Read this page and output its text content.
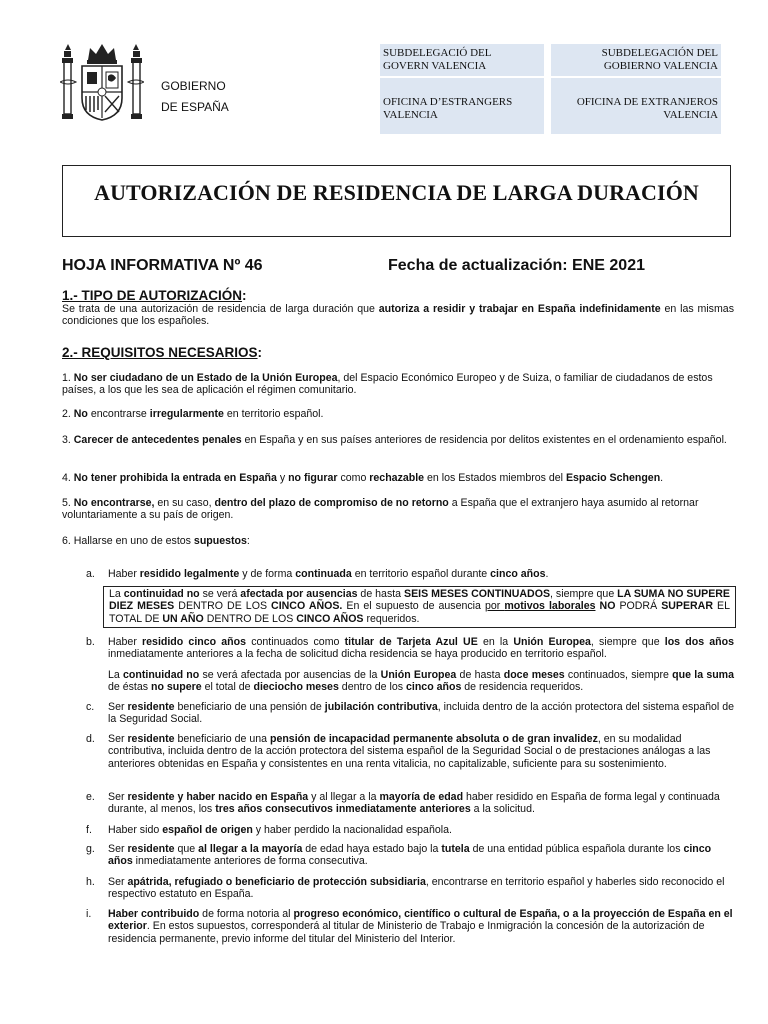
GOBIERNO
DE ESPAÑA
SUBDELEGACIÓ DEL
GOVERN VALENCIA
SUBDELEGACIÓN DEL
GOBIERNO VALENCIA
OFICINA D’ESTRANGERS
VALENCIA
OFICINA DE EXTRANJEROS
VALENCIA
AUTORIZACIÓN DE RESIDENCIA DE LARGA DURACIÓN
HOJA INFORMATIVA Nº 46	Fecha de actualización: ENE 2021
1.- TIPO DE AUTORIZACIÓN:
Se trata de una autorización de residencia de larga duración que autoriza a residir y trabajar en España indefinidamente en las mismas condiciones que los españoles.
2.- REQUISITOS NECESARIOS:
1. No ser ciudadano de un Estado de la Unión Europea, del Espacio Económico Europeo y de Suiza, o familiar de ciudadanos de estos países, a los que les sea de aplicación el régimen comunitario.
2. No encontrarse irregularmente en territorio español.
3. Carecer de antecedentes penales en España y en sus países anteriores de residencia por delitos existentes en el ordenamiento español.
4. No tener prohibida la entrada en España y no figurar como rechazable en los Estados miembros del Espacio Schengen.
5. No encontrarse, en su caso, dentro del plazo de compromiso de no retorno a España que el extranjero haya asumido al retornar voluntariamente a su país de origen.
6. Hallarse en uno de estos supuestos:
a. Haber residido legalmente y de forma continuada en territorio español durante cinco años.
La continuidad no se verá afectada por ausencias de hasta SEIS MESES CONTINUADOS, siempre que LA SUMA NO SUPERE DIEZ MESES DENTRO DE LOS CINCO AÑOS. En el supuesto de ausencia por motivos laborales NO PODRÁ SUPERAR EL TOTAL DE UN AÑO DENTRO DE LOS CINCO AÑOS requeridos.
b. Haber residido cinco años continuados como titular de Tarjeta Azul UE en la Unión Europea, siempre que los dos años inmediatamente anteriores a la fecha de solicitud dicha residencia se haya producido en territorio español.
La continuidad no se verá afectada por ausencias de la Unión Europea de hasta doce meses continuados, siempre que la suma de éstas no supere el total de dieciocho meses dentro de los cinco años de residencia requeridos.
c. Ser residente beneficiario de una pensión de jubilación contributiva, incluida dentro de la acción protectora del sistema español de la Seguridad Social.
d. Ser residente beneficiario de una pensión de incapacidad permanente absoluta o de gran invalidez, en su modalidad contributiva, incluida dentro de la acción protectora del sistema español de la Seguridad Social o de prestaciones análogas a las anteriores obtenidas en España y consistentes en una renta vitalicia, no capitalizable, suficiente para su sostenimiento.
e. Ser residente y haber nacido en España y al llegar a la mayoría de edad haber residido en España de forma legal y continuada durante, al menos, los tres años consecutivos inmediatamente anteriores a la solicitud.
f. Haber sido español de origen y haber perdido la nacionalidad española.
g. Ser residente que al llegar a la mayoría de edad haya estado bajo la tutela de una entidad pública española durante los cinco años inmediatamente anteriores de forma consecutiva.
h. Ser apátrida, refugiado o beneficiario de protección subsidiaria, encontrarse en territorio español y haberles sido reconocido el respectivo estatuto en España.
i. Haber contribuido de forma notoria al progreso económico, científico o cultural de España, o a la proyección de España en el exterior. En estos supuestos, corresponderá al titular de Ministerio de Trabajo e Inmigración la concesión de la autorización de residencia permanente, previo informe del titular del Ministerio del Interior.
